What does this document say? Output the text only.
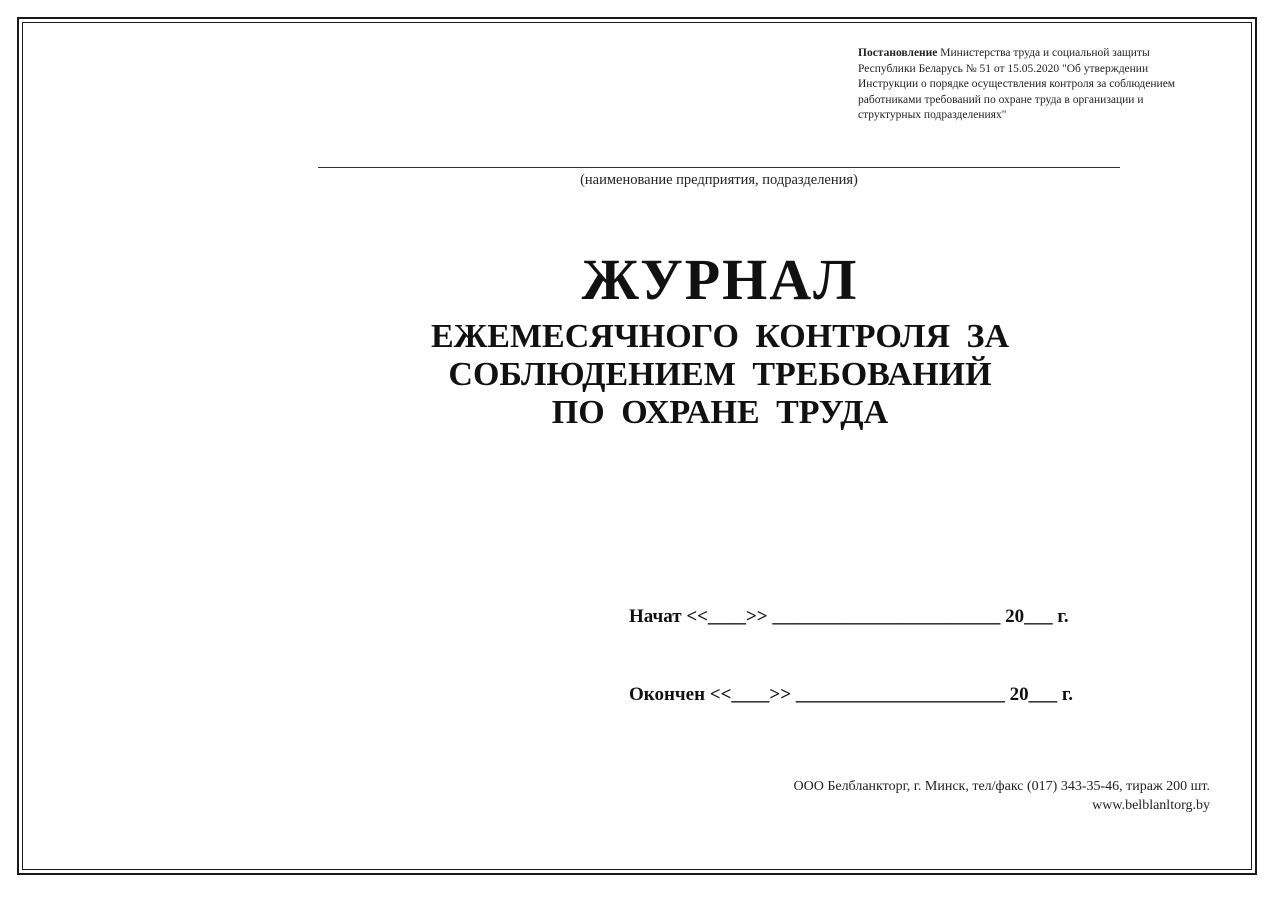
Постановление Министерства труда и социальной защиты
Республики Беларусь № 51 от 15.05.2020 "Об утверждении
Инструкции о порядке осуществления контроля за соблюдением
работниками требований по охране труда в организации и
структурных подразделениях"
(наименование предприятия, подразделения)
ЖУРНАЛ
ЕЖЕМЕСЯЧНОГО КОНТРОЛЯ ЗА
СОБЛЮДЕНИЕМ ТРЕБОВАНИЙ
ПО ОХРАНЕ ТРУДА
Начат <<____>> ________________________ 20___ г.
Окончен <<____>> ______________________ 20___ г.
ООО Белбланкторг, г. Минск, тел/факс (017) 343-35-46, тираж 200 шт.
www.belblanltorg.by
